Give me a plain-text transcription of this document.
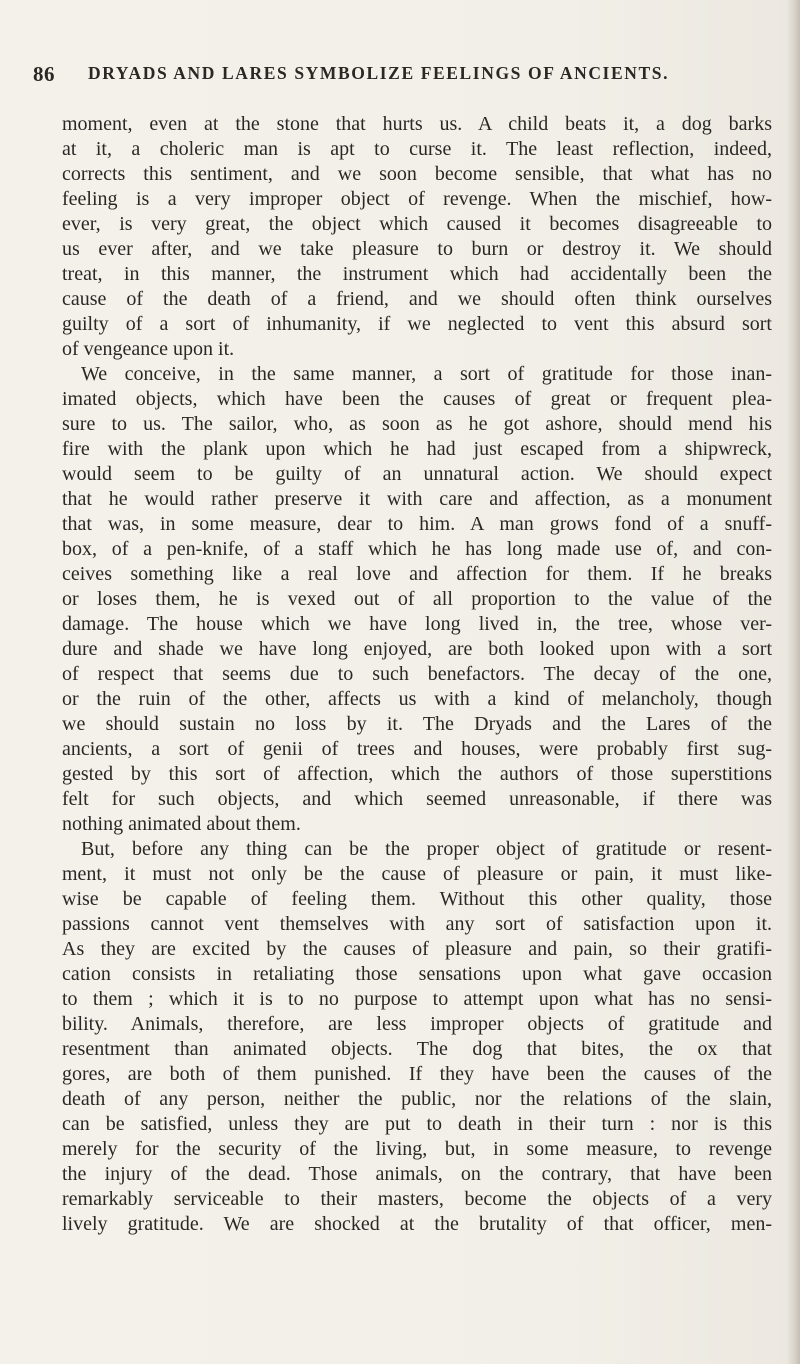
86 DRYADS AND LARES SYMBOLIZE FEELINGS OF ANCIENTS.
moment, even at the stone that hurts us. A child beats it, a dog barks
at it, a choleric man is apt to curse it. The least reflection, indeed,
corrects this sentiment, and we soon become sensible, that what has no
feeling is a very improper object of revenge. When the mischief, how-
ever, is very great, the object which caused it becomes disagreeable to
us ever after, and we take pleasure to burn or destroy it. We should
treat, in this manner, the instrument which had accidentally been the
cause of the death of a friend, and we should often think ourselves
guilty of a sort of inhumanity, if we neglected to vent this absurd sort
of vengeance upon it.
We conceive, in the same manner, a sort of gratitude for those inan-
imated objects, which have been the causes of great or frequent plea-
sure to us. The sailor, who, as soon as he got ashore, should mend his
fire with the plank upon which he had just escaped from a shipwreck,
would seem to be guilty of an unnatural action. We should expect
that he would rather preserve it with care and affection, as a monument
that was, in some measure, dear to him. A man grows fond of a snuff-
box, of a pen-knife, of a staff which he has long made use of, and con-
ceives something like a real love and affection for them. If he breaks
or loses them, he is vexed out of all proportion to the value of the
damage. The house which we have long lived in, the tree, whose ver-
dure and shade we have long enjoyed, are both looked upon with a sort
of respect that seems due to such benefactors. The decay of the one,
or the ruin of the other, affects us with a kind of melancholy, though
we should sustain no loss by it. The Dryads and the Lares of the
ancients, a sort of genii of trees and houses, were probably first sug-
gested by this sort of affection, which the authors of those superstitions
felt for such objects, and which seemed unreasonable, if there was
nothing animated about them.
But, before any thing can be the proper object of gratitude or resent-
ment, it must not only be the cause of pleasure or pain, it must like-
wise be capable of feeling them. Without this other quality, those
passions cannot vent themselves with any sort of satisfaction upon it.
As they are excited by the causes of pleasure and pain, so their gratifi-
cation consists in retaliating those sensations upon what gave occasion
to them ; which it is to no purpose to attempt upon what has no sensi-
bility. Animals, therefore, are less improper objects of gratitude and
resentment than animated objects. The dog that bites, the ox that
gores, are both of them punished. If they have been the causes of the
death of any person, neither the public, nor the relations of the slain,
can be satisfied, unless they are put to death in their turn : nor is this
merely for the security of the living, but, in some measure, to revenge
the injury of the dead. Those animals, on the contrary, that have been
remarkably serviceable to their masters, become the objects of a very
lively gratitude. We are shocked at the brutality of that officer, men-
